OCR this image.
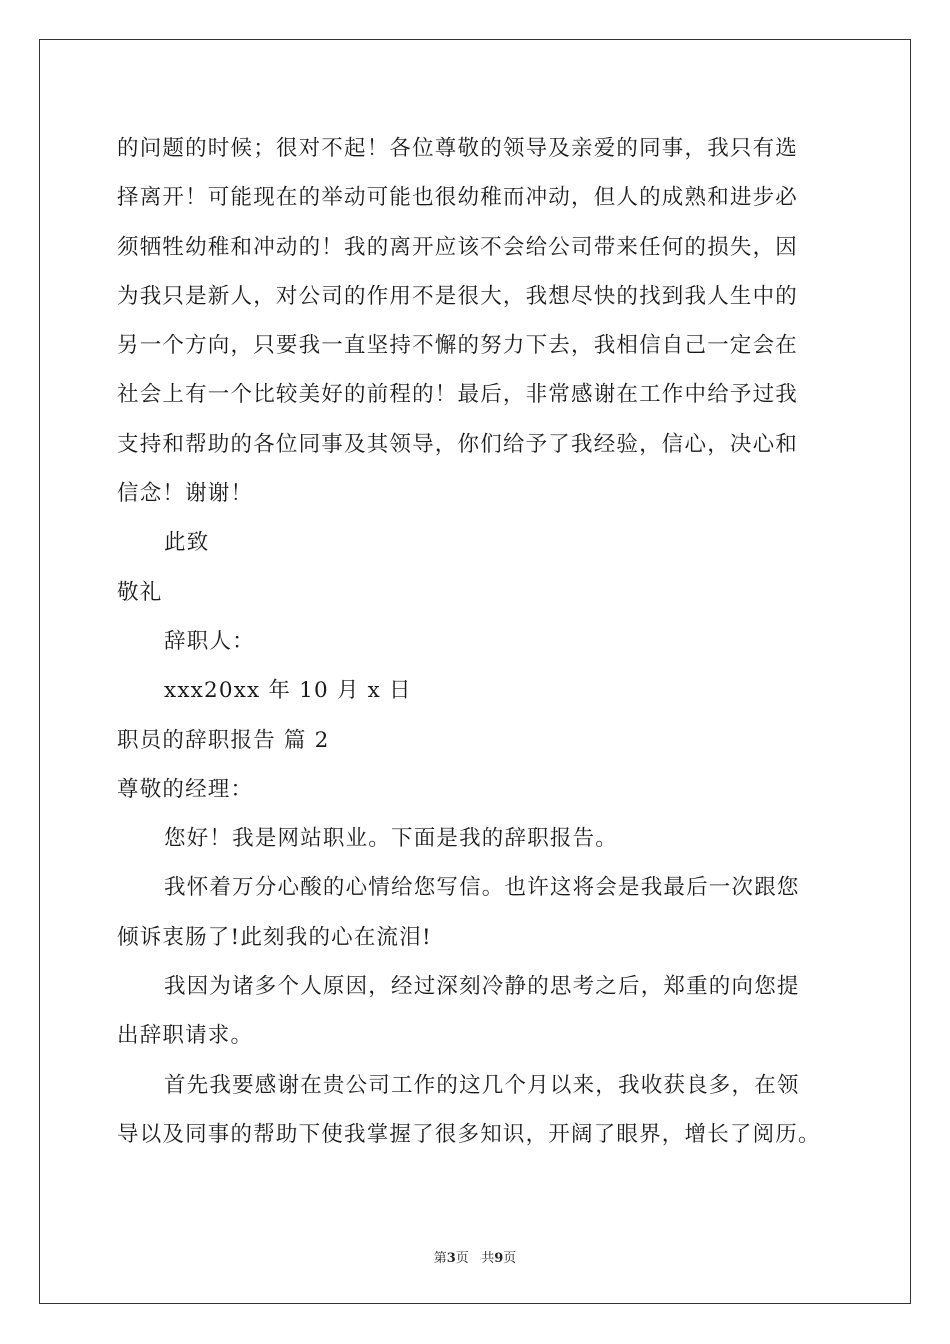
的问题的时候；很对不起！各位尊敬的领导及亲爱的同事，我只有选
择离开！可能现在的举动可能也很幼稚而冲动，但人的成熟和进步必
须牺牲幼稚和冲动的！我的离开应该不会给公司带来任何的损失，因
为我只是新人，对公司的作用不是很大，我想尽快的找到我人生中的
另一个方向，只要我一直坚持不懈的努力下去，我相信自己一定会在
社会上有一个比较美好的前程的！最后，非常感谢在工作中给予过我
支持和帮助的各位同事及其领导，你们给予了我经验，信心，决心和
信念！谢谢！
此致
敬礼
辞职人：
xxx20xx 年 10 月 x 日
职员的辞职报告 篇 2
尊敬的经理：
您好！我是网站职业。下面是我的辞职报告。
我怀着万分心酸的心情给您写信。也许这将会是我最后一次跟您
倾诉衷肠了!此刻我的心在流泪!
我因为诸多个人原因，经过深刻冷静的思考之后，郑重的向您提
出辞职请求。
首先我要感谢在贵公司工作的这几个月以来，我收获良多，在领
导以及同事的帮助下使我掌握了很多知识，开阔了眼界，增长了阅历。
第3页 共9页
